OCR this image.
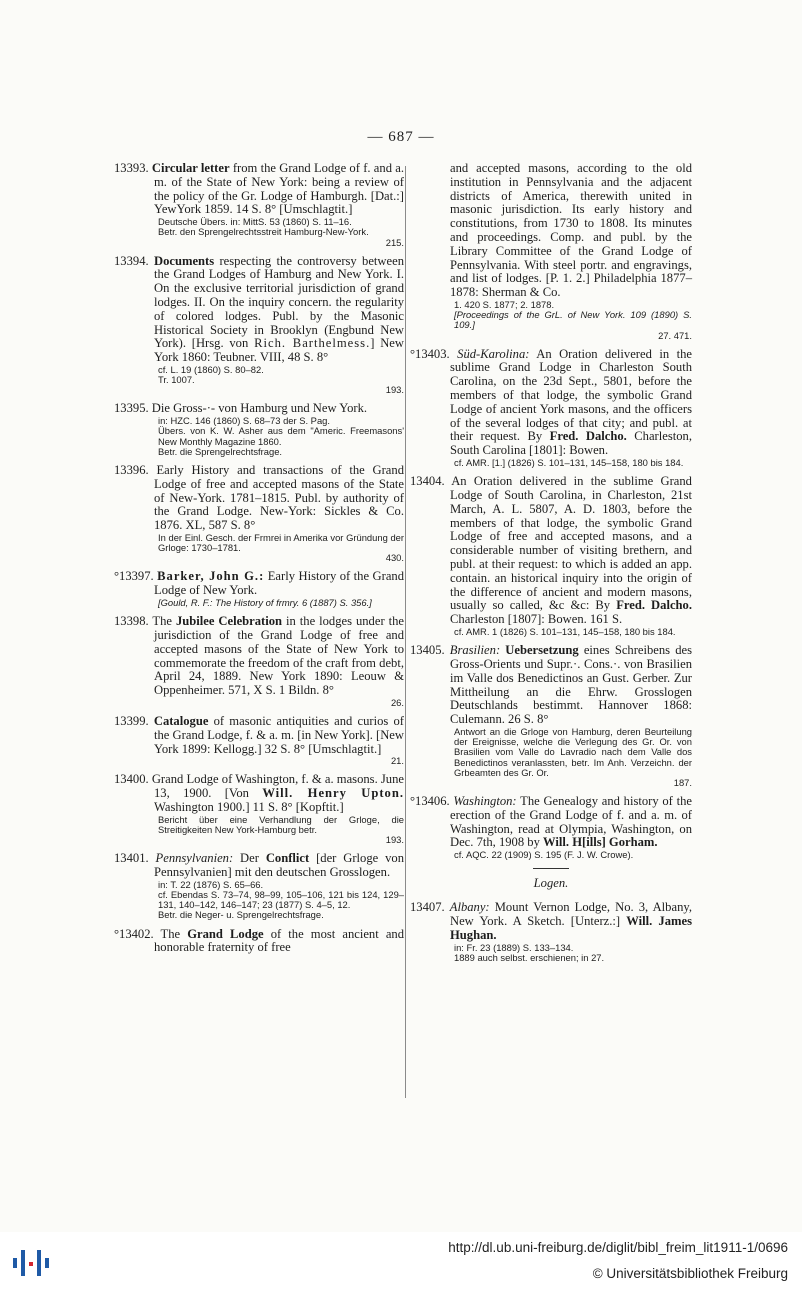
— 687 —
13393. Circular letter from the Grand Lodge of f. and a. m. of the State of New York: being a review of the policy of the Gr. Lodge of Hamburgh. [Dat.:] YewYork 1859. 14 S. 8° [Umschlagtit.]
Deutsche Übers. in: MittS. 53 (1860) S. 11–16.
Betr. den Sprengelrechtsstreit Hamburg-New-York.
215.
13394. Documents respecting the controversy between the Grand Lodges of Hamburg and New York. I. On the exclusive territorial jurisdiction of grand lodges. II. On the inquiry concern. the regularity of colored lodges. Publ. by the Masonic Historical Society in Brooklyn (Engbund New York). [Hrsg. von Rich. Barthelmess.] New York 1860: Teubner. VIII, 48 S. 8°
cf. L. 19 (1860) S. 80–82.
Tr. 1007.
193.
13395. Die Gross-·- von Hamburg und New York.
in: HZC. 146 (1860) S. 68–73 der S. Pag.
Übers. von K. W. Asher aus dem "Americ. Freemasons' New Monthly Magazine 1860.
Betr. die Sprengelrechtsfrage.
13396. Early History and transactions of the Grand Lodge of free and accepted masons of the State of New-York. 1781–1815. Publ. by authority of the Grand Lodge. New-York: Sickles & Co. 1876. XL, 587 S. 8°
In der Einl. Gesch. der Frmrei in Amerika vor Gründung der Grloge: 1730–1781.
430.
°13397. Barker, John G.: Early History of the Grand Lodge of New York.
[Gould, R. F.: The History of frmry. 6 (1887) S. 356.]
13398. The Jubilee Celebration in the lodges under the jurisdiction of the Grand Lodge of free and accepted masons of the State of New York to commemorate the freedom of the craft from debt, April 24, 1889. New York 1890: Leouw & Oppenheimer. 571, X S. 1 Bildn. 8°
26.
13399. Catalogue of masonic antiquities and curios of the Grand Lodge, f. & a. m. [in New York]. [New York 1899: Kellogg.] 32 S. 8° [Umschlagtit.]
21.
13400. Grand Lodge of Washington, f. & a. masons. June 13, 1900. [Von Will. Henry Upton. Washington 1900.] 11 S. 8° [Kopftit.]
Bericht über eine Verhandlung der Grloge, die Streitigkeiten New York-Hamburg betr.
193.
13401. Pennsylvanien: Der Conflict [der Grloge von Pennsylvanien] mit den deutschen Grosslogen.
in: T. 22 (1876) S. 65–66.
cf. Ebendas S. 73–74, 98–99, 105–106, 121 bis 124, 129–131, 140–142, 146–147; 23 (1877) S. 4–5, 12.
Betr. die Neger- u. Sprengelrechtsfrage.
°13402. The Grand Lodge of the most ancient and honorable fraternity of free
and accepted masons, according to the old institution in Pennsylvania and the adjacent districts of America, therewith united in masonic jurisdiction. Its early history and constitutions, from 1730 to 1808. Its minutes and proceedings. Comp. and publ. by the Library Committee of the Grand Lodge of Pennsylvania. With steel portr. and engravings, and list of lodges. [P. 1. 2.] Philadelphia 1877–1878: Sherman & Co.
1. 420 S. 1877; 2. 1878.
[Proceedings of the GrL. of New York. 109 (1890) S. 109.]
27. 471.
°13403. Süd-Karolina: An Oration delivered in the sublime Grand Lodge in Charleston South Carolina, on the 23d Sept., 5801, before the members of that lodge, the symbolic Grand Lodge of ancient York masons, and the officers of the several lodges of that city; and publ. at their request. By Fred. Dalcho. Charleston, South Carolina [1801]: Bowen.
cf. AMR. [1.] (1826) S. 101–131, 145–158, 180 bis 184.
13404. An Oration delivered in the sublime Grand Lodge of South Carolina, in Charleston, 21st March, A. L. 5807, A. D. 1803, before the members of that lodge, the symbolic Grand Lodge of free and accepted masons, and a considerable number of visiting brethern, and publ. at their request: to which is added an app. contain. an historical inquiry into the origin of the difference of ancient and modern masons, usually so called, &c &c: By Fred. Dalcho. Charleston [1807]: Bowen. 161 S.
cf. AMR. 1 (1826) S. 101–131, 145–158, 180 bis 184.
13405. Brasilien: Uebersetzung eines Schreibens des Gross-Orients und Supr.·. Cons.·. von Brasilien im Valle dos Benedictinos an Gust. Gerber. Zur Mittheilung an die Ehrw. Grosslogen Deutschlands bestimmt. Hannover 1868: Culemann. 26 S. 8°
Antwort an die Grloge von Hamburg, deren Beurteilung der Ereignisse, welche die Verlegung des Gr. Or. von Brasilien vom Valle do Lavradio nach dem Valle dos Benedictinos veranlassten, betr. Im Anh. Verzeichn. der Grbeamten des Gr. Or.
187.
°13406. Washington: The Genealogy and history of the erection of the Grand Lodge of f. and a. m. of Washington, read at Olympia, Washington, on Dec. 7th, 1908 by Will. H[ills] Gorham.
cf. AQC. 22 (1909) S. 195 (F. J. W. Crowe).
Logen.
13407. Albany: Mount Vernon Lodge, No. 3, Albany, New York. A Sketch. [Unterz.:] Will. James Hughan.
in: Fr. 23 (1889) S. 133–134.
1889 auch selbst. erschienen; in 27.
http://dl.ub.uni-freiburg.de/diglit/bibl_freim_lit1911-1/0696
© Universitätsbibliothek Freiburg
